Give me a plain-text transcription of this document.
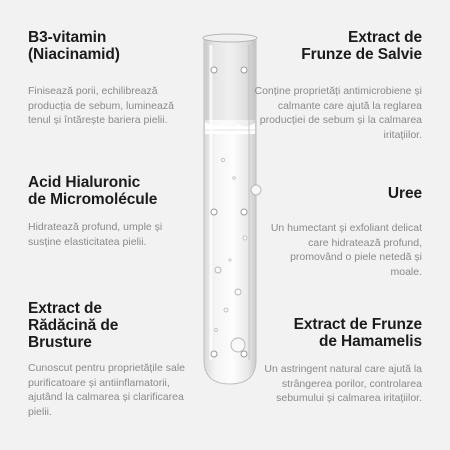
B3-vitamin
(Niacinamid)
Finisează porii, echilibrează producția de sebum, luminează tenul și întărește bariera pielii.
Extract de
Frunze de Salvie
Conține proprietăți antimicrobiene și calmante care ajută la reglarea producției de sebum și la calmarea iritațiilor.
Acid Hialuronic
de Micromolécule
Hidratează profund, umple și susține elasticitatea pielii.
Uree
Un humectant și exfoliant delicat care hidratează profund, promovând o piele netedă și moale.
Extract de
Rădăcină de
Brusture
Cunoscut pentru proprietățile sale purificatoare și antiinflamatorii, ajutând la calmarea și clarificarea pielii.
Extract de Frunze
de Hamamelis
Un astringent natural care ajută la strângerea porilor, controlarea sebumului și calmarea iritațiilor.
